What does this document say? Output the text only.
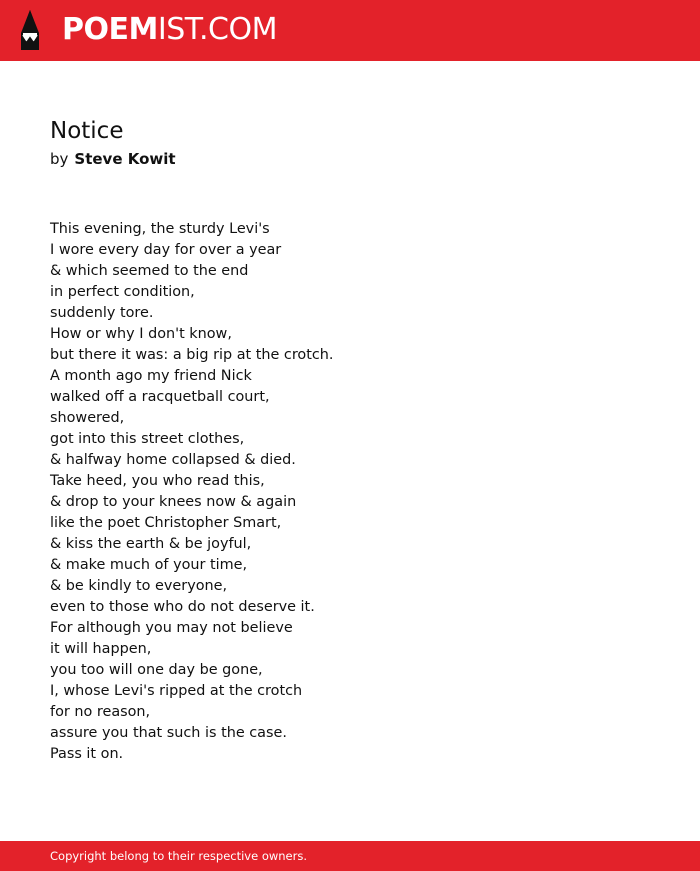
POEMIST.COM
Notice
by Steve Kowit
This evening, the sturdy Levi's
I wore every day for over a year
& which seemed to the end
in perfect condition,
suddenly tore.
How or why I don't know,
but there it was: a big rip at the crotch.
A month ago my friend Nick
walked off a racquetball court,
showered,
got into this street clothes,
& halfway home collapsed & died.
Take heed, you who read this,
& drop to your knees now & again
like the poet Christopher Smart,
& kiss the earth & be joyful,
& make much of your time,
& be kindly to everyone,
even to those who do not deserve it.
For although you may not believe
it will happen,
you too will one day be gone,
I, whose Levi's ripped at the crotch
for no reason,
assure you that such is the case.
Pass it on.
Copyright belong to their respective owners.
